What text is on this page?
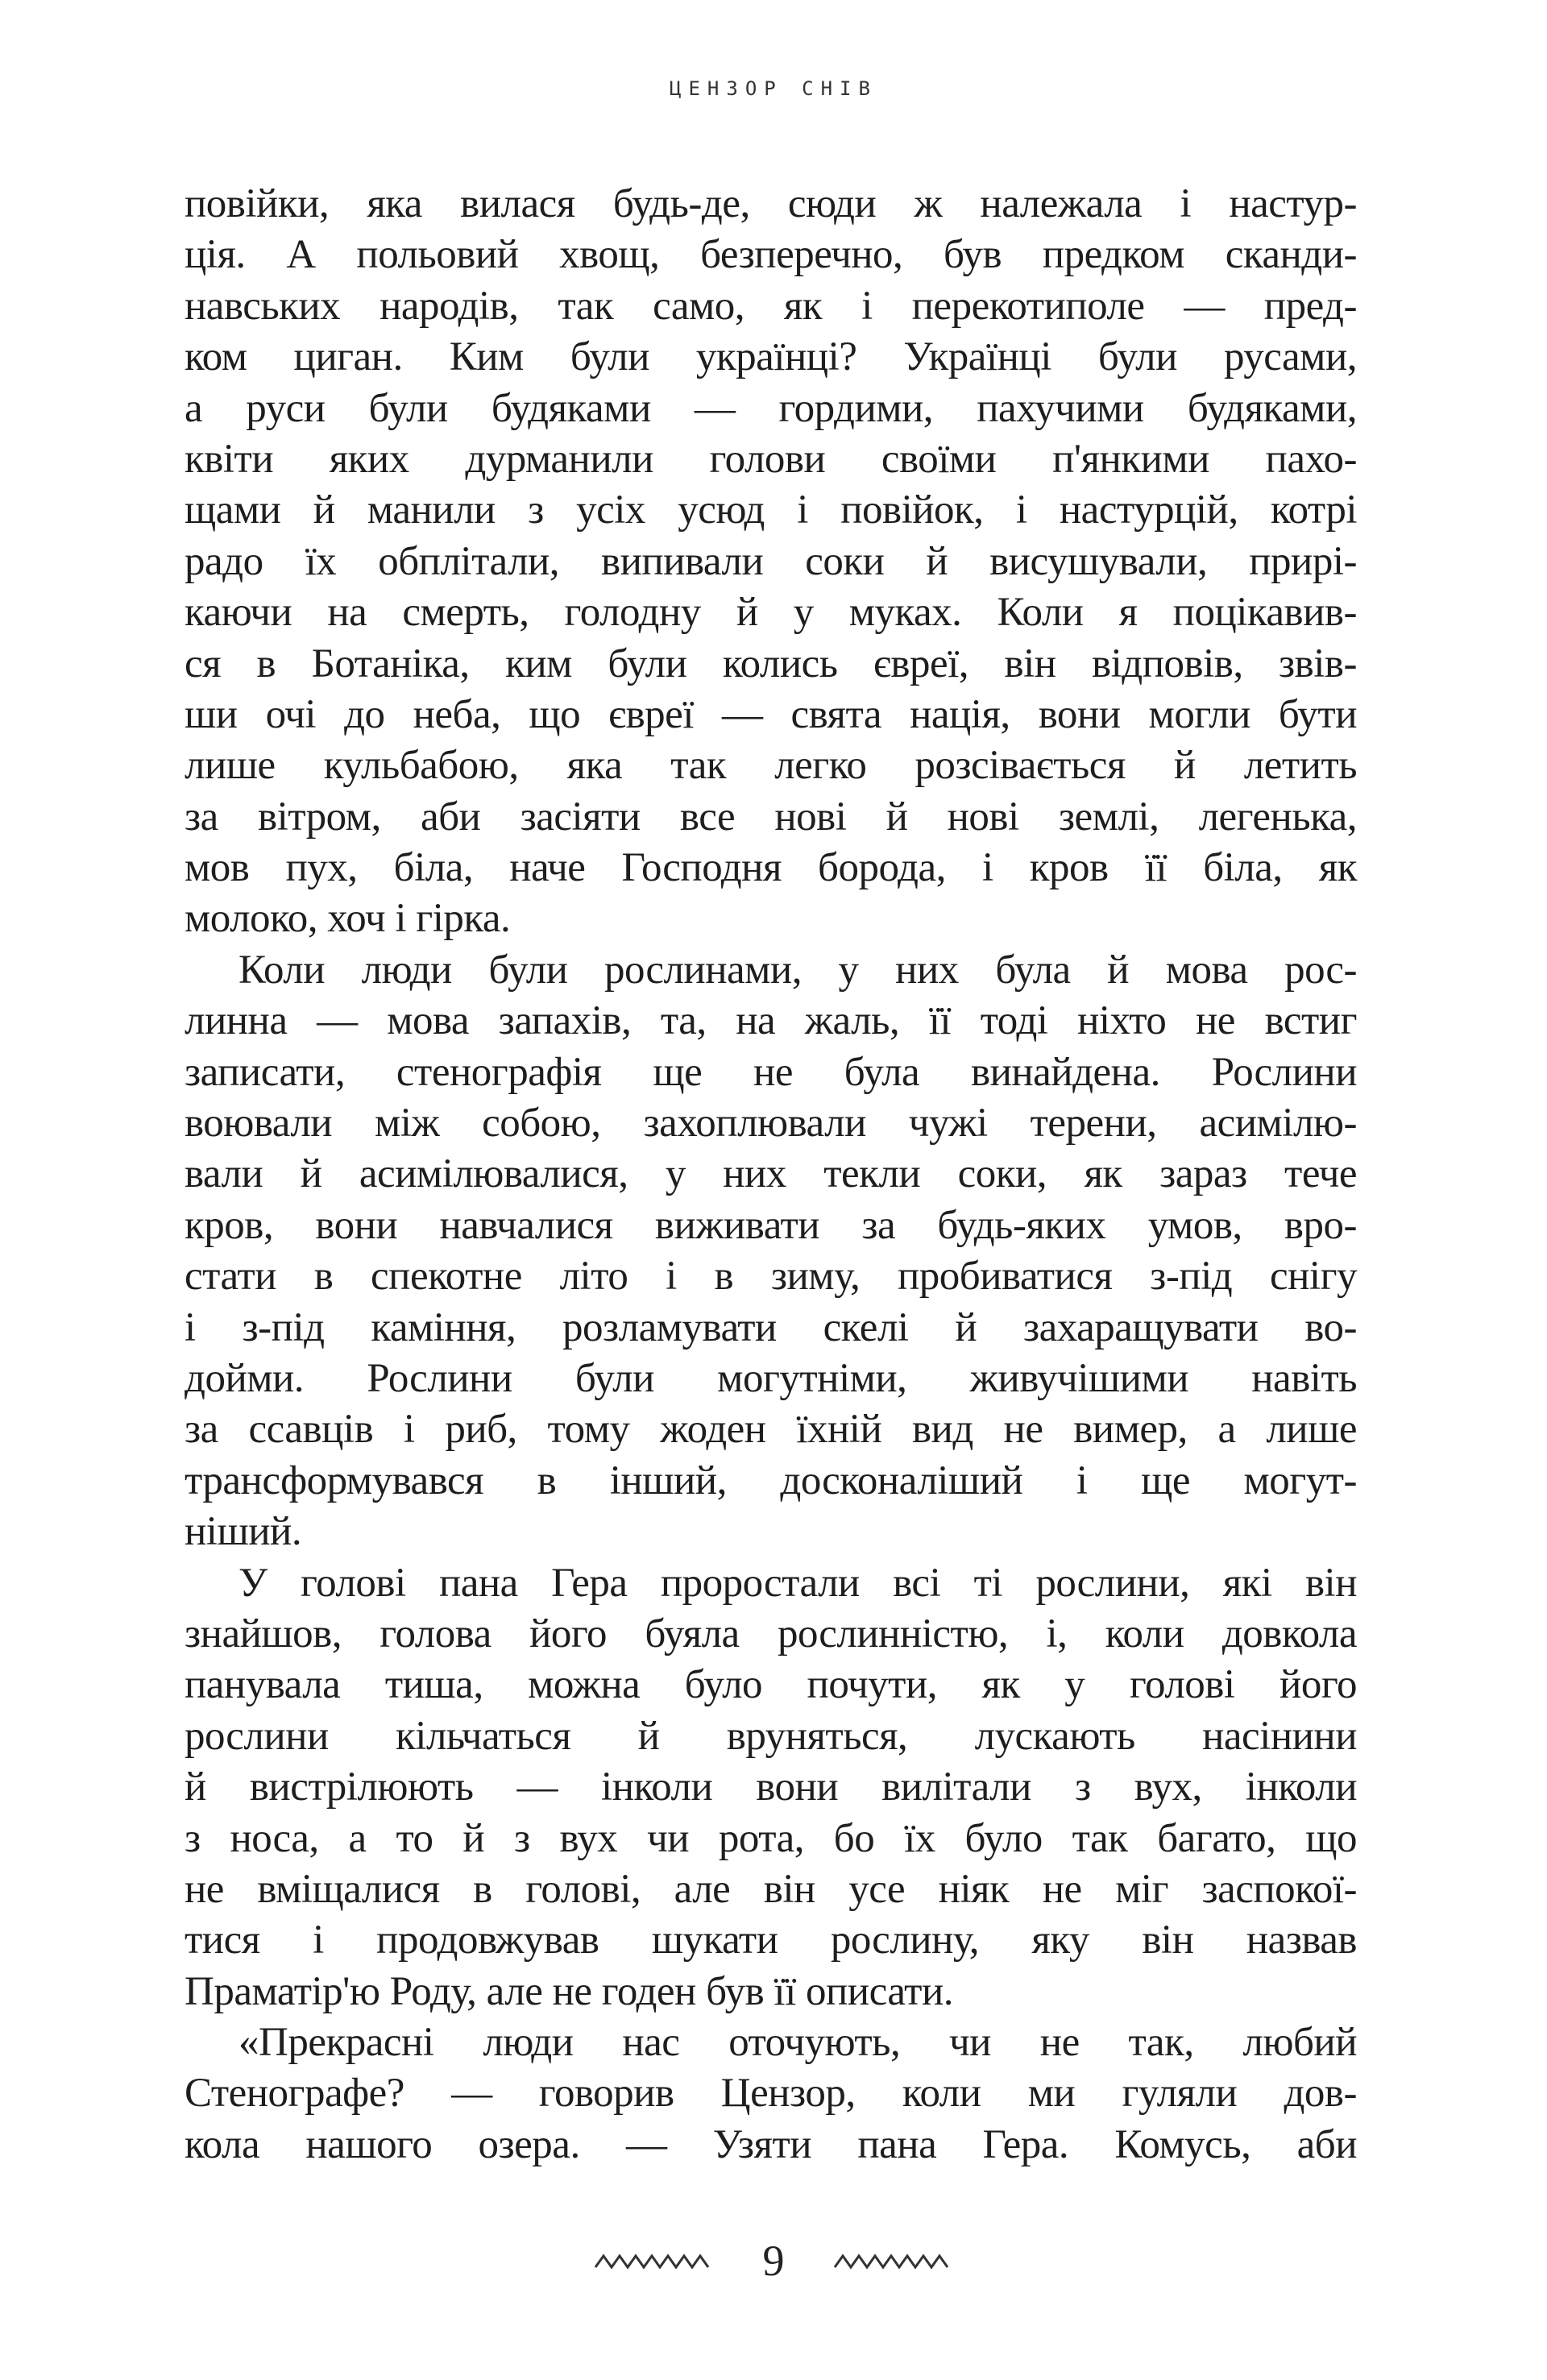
ЦЕНЗОР СНІВ
повійки, яка вилася будь-де, сюди ж належала і настур-
ція. А польовий хвощ, безперечно, був предком сканди-
навських народів, так само, як і перекотиполе — пред-
ком циган. Ким були українці? Українці були русами,
а руси були будяками — гордими, пахучими будяками,
квіти яких дурманили голови своїми п'янкими пахо-
щами й манили з усіх усюд і повійок, і настурцій, котрі
радо їх обплітали, випивали соки й висушували, прирі-
каючи на смерть, голодну й у муках. Коли я поцікавив-
ся в Ботаніка, ким були колись євреї, він відповів, звів-
ши очі до неба, що євреї — свята нація, вони могли бути
лише кульбабою, яка так легко розсівається й летить
за вітром, аби засіяти все нові й нові землі, легенька,
мов пух, біла, наче Господня борода, і кров її біла, як
молоко, хоч і гірка.
Коли люди були рослинами, у них була й мова рос-
линна — мова запахів, та, на жаль, її тоді ніхто не встиг
записати, стенографія ще не була винайдена. Рослини
воювали між собою, захоплювали чужі терени, асимілю-
вали й асимілювалися, у них текли соки, як зараз тече
кров, вони навчалися виживати за будь-яких умов, вро-
стати в спекотне літо і в зиму, пробиватися з-під снігу
і з-під каміння, розламувати скелі й захаращувати во-
дойми. Рослини були могутніми, живучішими навіть
за ссавців і риб, тому жоден їхній вид не вимер, а лише
трансформувався в інший, досконаліший і ще могут-
ніший.
У голові пана Гера проростали всі ті рослини, які він
знайшов, голова його буяла рослинністю, і, коли довкола
панувала тиша, можна було почути, як у голові його
рослини кільчаться й вруняться, лускають насінини
й вистрілюють — інколи вони вилітали з вух, інколи
з носа, а то й з вух чи рота, бо їх було так багато, що
не вміщалися в голові, але він усе ніяк не міг заспокої-
тися і продовжував шукати рослину, яку він назвав
Праматір'ю Роду, але не годен був її описати.
«Прекрасні люди нас оточують, чи не так, любий
Стенографе? — говорив Цензор, коли ми гуляли дов-
кола нашого озера. — Узяти пана Гера. Комусь, аби
9
